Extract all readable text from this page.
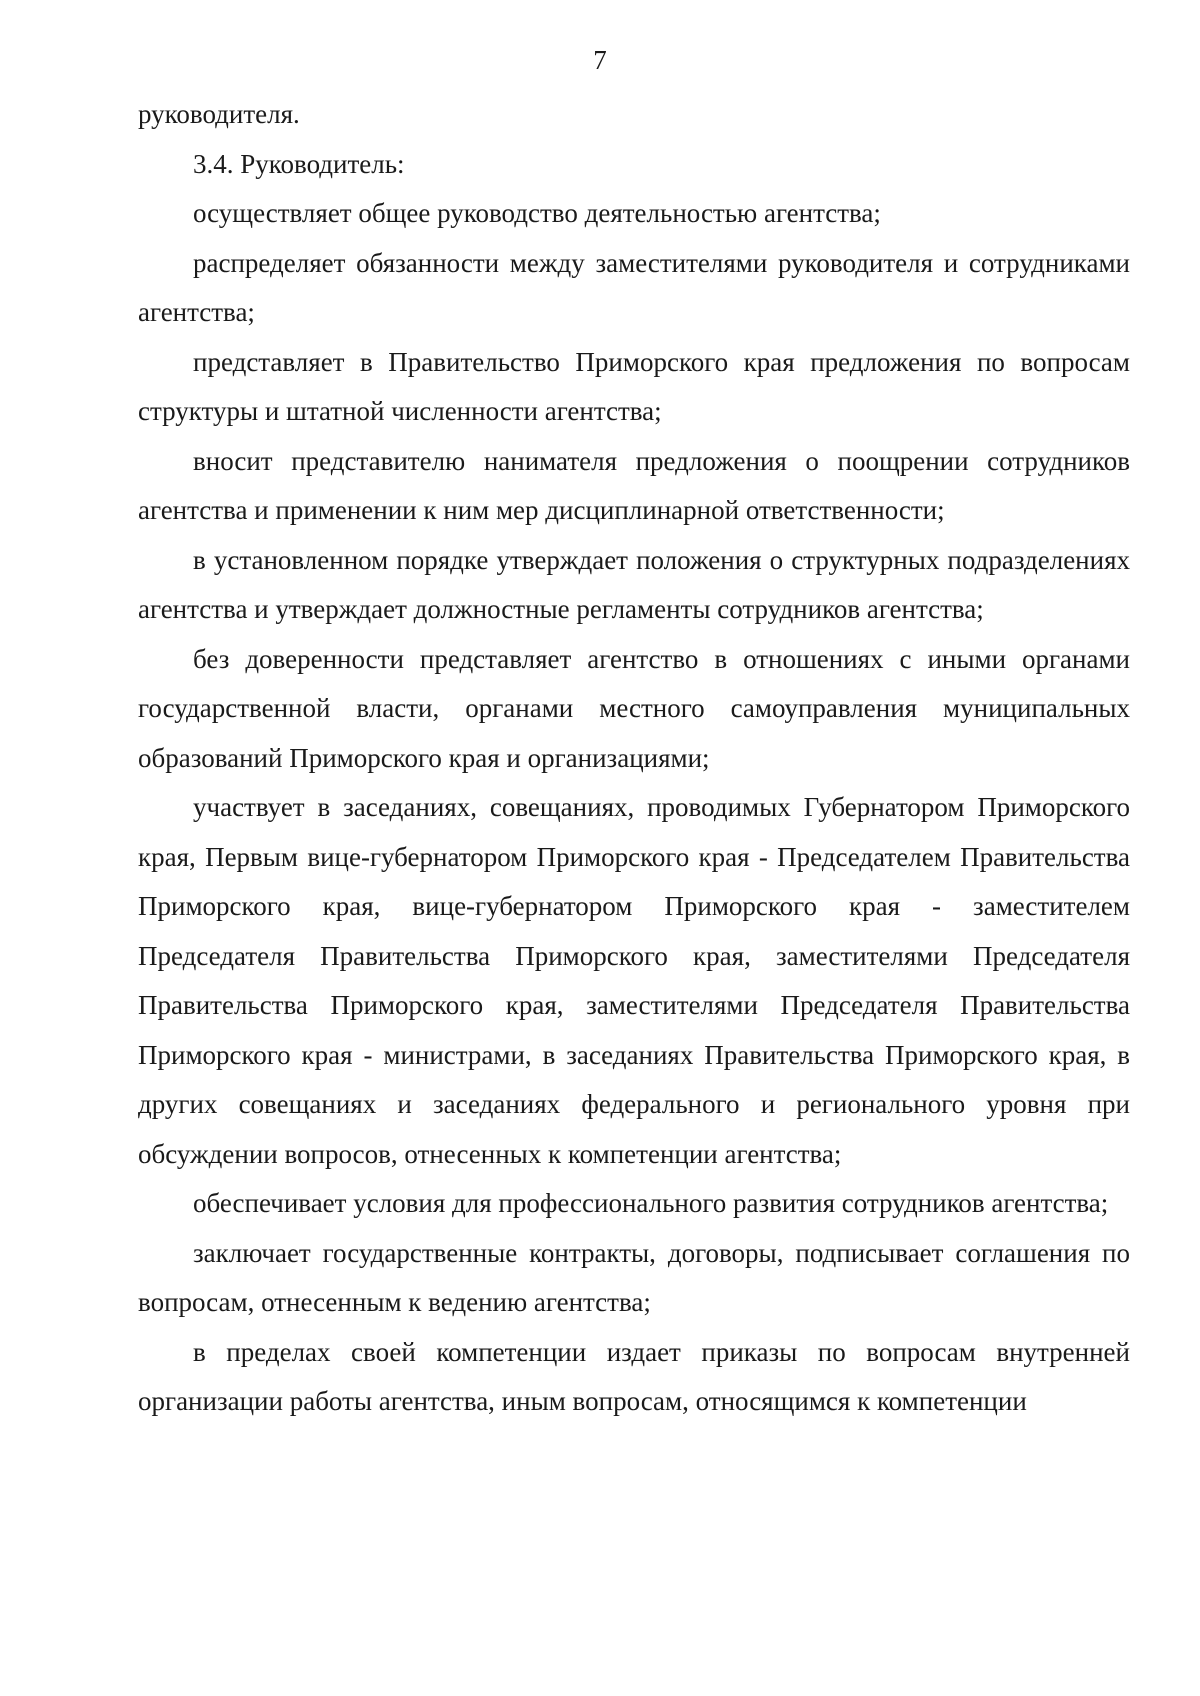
7

руководителя.

3.4. Руководитель:

осуществляет общее руководство деятельностью агентства;

распределяет обязанности между заместителями руководителя и сотрудниками агентства;

представляет в Правительство Приморского края предложения по вопросам структуры и штатной численности агентства;

вносит представителю нанимателя предложения о поощрении сотрудников агентства и применении к ним мер дисциплинарной ответственности;

в установленном порядке утверждает положения о структурных подразделениях агентства и утверждает должностные регламенты сотрудников агентства;

без доверенности представляет агентство в отношениях с иными органами государственной власти, органами местного самоуправления муниципальных образований Приморского края и организациями;

участвует в заседаниях, совещаниях, проводимых Губернатором Приморского края, Первым вице-губернатором Приморского края - Председателем Правительства Приморского края, вице-губернатором Приморского края - заместителем Председателя Правительства Приморского края, заместителями Председателя Правительства Приморского края, заместителями Председателя Правительства Приморского края - министрами, в заседаниях Правительства Приморского края, в других совещаниях и заседаниях федерального и регионального уровня при обсуждении вопросов, отнесенных к компетенции агентства;

обеспечивает условия для профессионального развития сотрудников агентства;

заключает государственные контракты, договоры, подписывает соглашения по вопросам, отнесенным к ведению агентства;

в пределах своей компетенции издает приказы по вопросам внутренней организации работы агентства, иным вопросам, относящимся к компетенции
